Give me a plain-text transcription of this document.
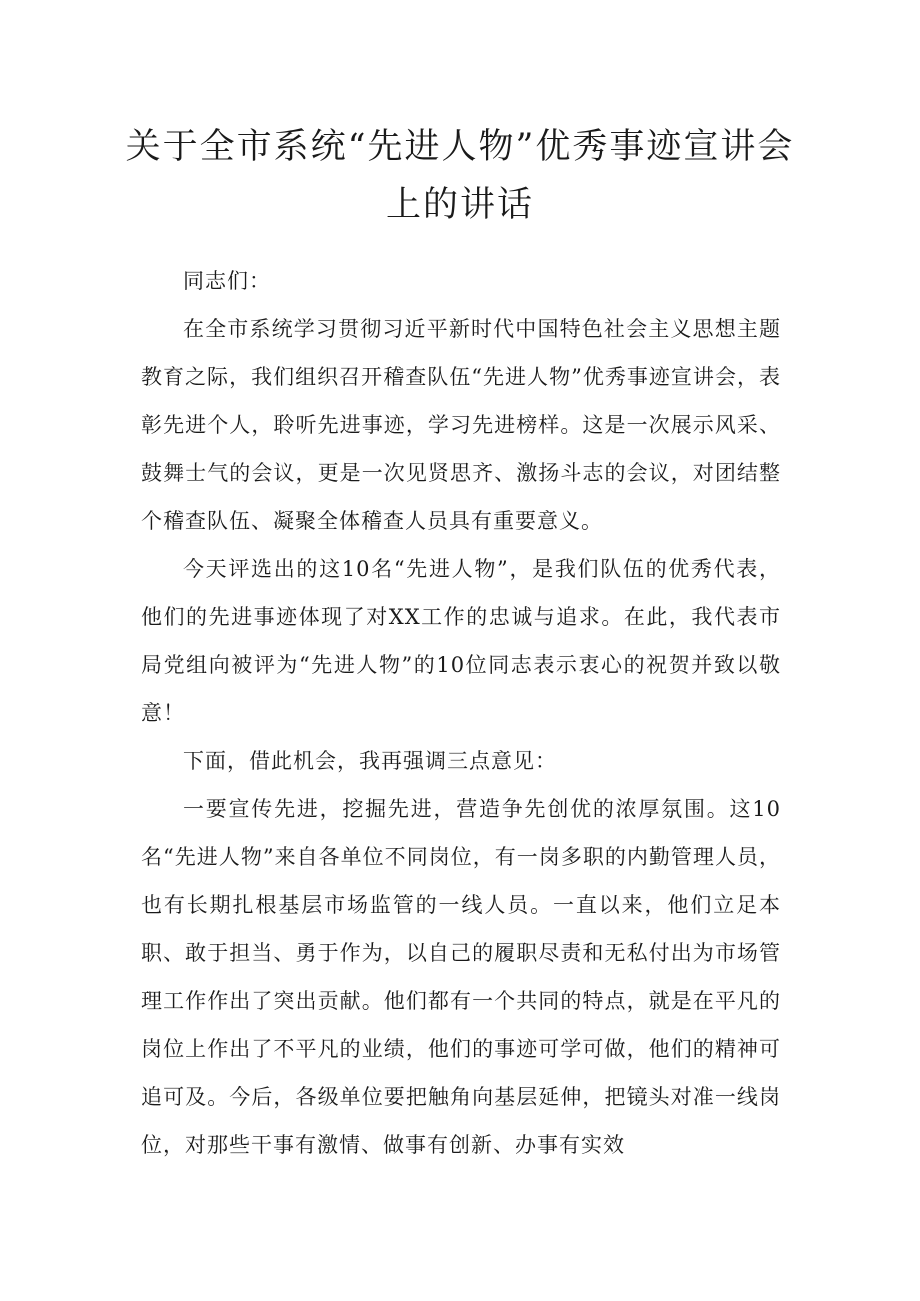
关于全市系统“先进人物”优秀事迹宣讲会上的讲话

同志们：

在全市系统学习贯彻习近平新时代中国特色社会主义思想主题教育之际，我们组织召开稽查队伍“先进人物”优秀事迹宣讲会，表彰先进个人，聆听先进事迹，学习先进榜样。这是一次展示风采、鼓舞士气的会议，更是一次见贤思齐、激扬斗志的会议，对团结整个稽查队伍、凝聚全体稽查人员具有重要意义。

今天评选出的这10名“先进人物”，是我们队伍的优秀代表，他们的先进事迹体现了对XX工作的忠诚与追求。在此，我代表市局党组向被评为“先进人物”的10位同志表示衷心的祝贺并致以敬意！

下面，借此机会，我再强调三点意见：

一要宣传先进，挖掘先进，营造争先创优的浓厚氛围。这10名“先进人物”来自各单位不同岗位，有一岗多职的内勤管理人员，也有长期扎根基层市场监管的一线人员。一直以来，他们立足本职、敢于担当、勇于作为，以自己的履职尽责和无私付出为市场管理工作作出了突出贡献。他们都有一个共同的特点，就是在平凡的岗位上作出了不平凡的业绩，他们的事迹可学可做，他们的精神可追可及。今后，各级单位要把触角向基层延伸，把镜头对准一线岗位，对那些干事有激情、做事有创新、办事有实效
